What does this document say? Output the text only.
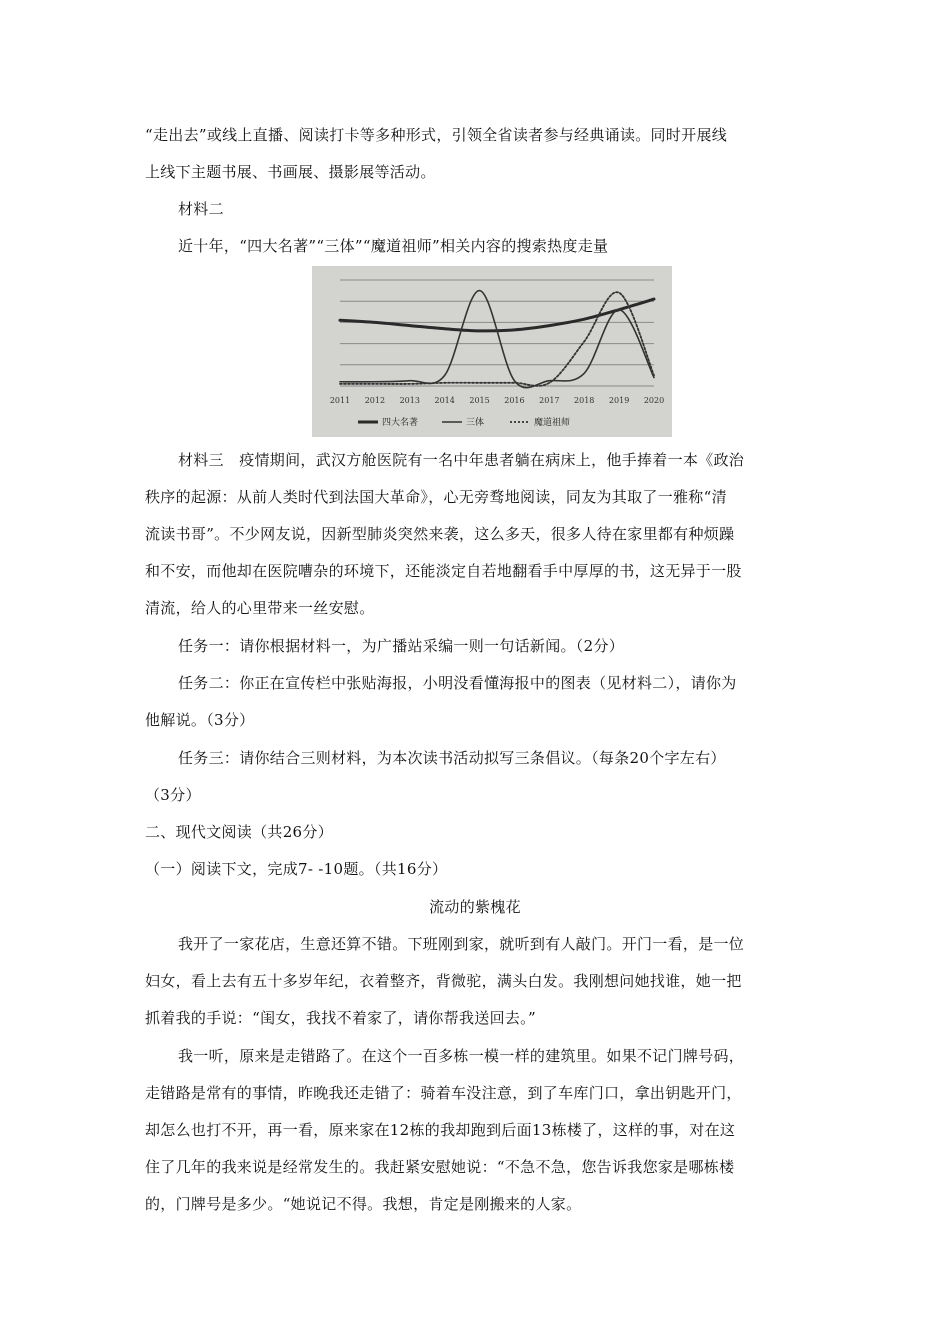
“走出去”或线上直播、阅读打卡等多种形式，引领全省读者参与经典诵读。同时开展线
上线下主题书展、书画展、摄影展等活动。
材料二
近十年，“四大名著”“三体”“魔道祖师”相关内容的搜索热度走量
2011 2012 2013 2014 2015 2016 2017 2018 2019 2020
四大名著	三体	魔道祖师
材料三　疫情期间，武汉方舱医院有一名中年患者躺在病床上，他手捧着一本《政治
秩序的起源：从前人类时代到法国大革命》，心无旁骛地阅读，同友为其取了一雅称“清
流读书哥”。不少网友说，因新型肺炎突然来袭，这么多天，很多人待在家里都有种烦躁
和不安，而他却在医院嘈杂的环境下，还能淡定自若地翻看手中厚厚的书，这无异于一股
清流，给人的心里带来一丝安慰。
任务一：请你根据材料一，为广播站采编一则一句话新闻。（2分）
任务二：你正在宣传栏中张贴海报，小明没看懂海报中的图表（见材料二），请你为
他解说。（3分）
任务三：请你结合三则材料，为本次读书活动拟写三条倡议。（每条20个字左右）
（3分）
二、现代文阅读（共26分）
（一）阅读下文，完成7- -10题。（共16分）
流动的紫槐花
我开了一家花店，生意还算不错。下班刚到家，就听到有人敲门。开门一看，是一位
妇女，看上去有五十多岁年纪，衣着整齐，背微驼，满头白发。我刚想问她找谁，她一把
抓着我的手说：“闺女，我找不着家了，请你帮我送回去。”
我一听，原来是走错路了。在这个一百多栋一模一样的建筑里。如果不记门牌号码，
走错路是常有的事情，昨晚我还走错了：骑着车没注意，到了车库门口，拿出钥匙开门，
却怎么也打不开，再一看，原来家在12栋的我却跑到后面13栋楼了，这样的事，对在这
住了几年的我来说是经常发生的。我赶紧安慰她说：“不急不急，您告诉我您家是哪栋楼
的，门牌号是多少。“她说记不得。我想，肯定是刚搬来的人家。
